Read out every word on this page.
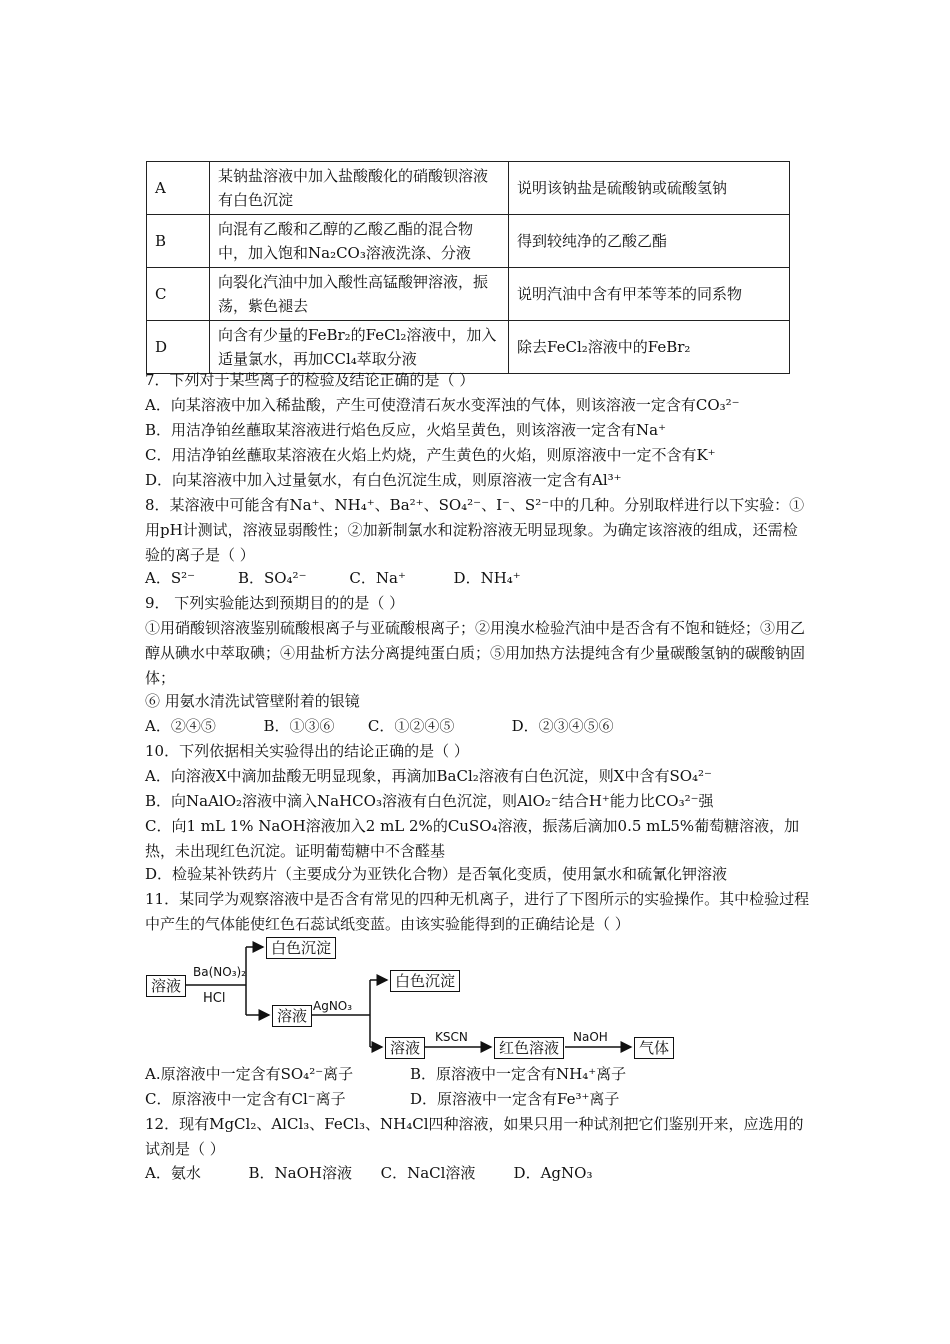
A	某钠盐溶液中加入盐酸酸化的硝酸钡溶液有白色沉淀	说明该钠盐是硫酸钠或硫酸氢钠
B	向混有乙酸和乙醇的乙酸乙酯的混合物中，加入饱和Na₂CO₃溶液洗涤、分液	得到较纯净的乙酸乙酯
C	向裂化汽油中加入酸性高锰酸钾溶液，振荡，紫色褪去	说明汽油中含有甲苯等苯的同系物
D	向含有少量的FeBr₂的FeCl₂溶液中，加入适量氯水，再加CCl₄萃取分液	除去FeCl₂溶液中的FeBr₂
7．下列对于某些离子的检验及结论正确的是（ ）
A．向某溶液中加入稀盐酸，产生可使澄清石灰水变浑浊的气体，则该溶液一定含有CO₃²⁻
B．用洁净铂丝蘸取某溶液进行焰色反应，火焰呈黄色，则该溶液一定含有Na⁺
C．用洁净铂丝蘸取某溶液在火焰上灼烧，产生黄色的火焰，则原溶液中一定不含有K⁺
D．向某溶液中加入过量氨水，有白色沉淀生成，则原溶液一定含有Al³⁺
8．某溶液中可能含有Na⁺、NH₄⁺、Ba²⁺、SO₄²⁻、I⁻、S²⁻中的几种。分别取样进行以下实验：①用pH计测试，溶液显弱酸性；②加新制氯水和淀粉溶液无明显现象。为确定该溶液的组成，还需检验的离子是（ ）
A．S²⁻         B．SO₄²⁻         C．Na⁺          D．NH₄⁺
9． 下列实验能达到预期目的的是（ ）
①用硝酸钡溶液鉴别硫酸根离子与亚硫酸根离子；②用溴水检验汽油中是否含有不饱和链烃；③用乙醇从碘水中萃取碘；④用盐析方法分离提纯蛋白质；⑤用加热方法提纯含有少量碳酸氢钠的碳酸钠固体；
⑥ 用氨水清洗试管壁附着的银镜
A．②④⑤          B．①③⑥       C．①②④⑤            D．②③④⑤⑥
10．下列依据相关实验得出的结论正确的是（ ）
A．向溶液X中滴加盐酸无明显现象，再滴加BaCl₂溶液有白色沉淀，则X中含有SO₄²⁻
B．向NaAlO₂溶液中滴入NaHCO₃溶液有白色沉淀，则AlO₂⁻结合H⁺能力比CO₃²⁻强
C．向1 mL 1% NaOH溶液加入2 mL 2%的CuSO₄溶液，振荡后滴加0.5 mL5%葡萄糖溶液，加热，未出现红色沉淀。证明葡萄糖中不含醛基
D．检验某补铁药片（主要成分为亚铁化合物）是否氧化变质，使用氯水和硫氰化钾溶液
11．某同学为观察溶液中是否含有常见的四种无机离子，进行了下图所示的实验操作。其中检验过程中产生的气体能使红色石蕊试纸变蓝。由该实验能得到的正确结论是（ ）
溶液
Ba(NO₃)₂
HCl
白色沉淀
溶液
AgNO₃
白色沉淀
溶液
KSCN
红色溶液
NaOH
气体
A.原溶液中一定含有SO₄²⁻离子	B．原溶液中一定含有NH₄⁺离子
C．原溶液中一定含有Cl⁻离子	D．原溶液中一定含有Fe³⁺离子
12．现有MgCl₂、AlCl₃、FeCl₃、NH₄Cl四种溶液，如果只用一种试剂把它们鉴别开来，应选用的试剂是（ ）
A．氨水          B．NaOH溶液      C．NaCl溶液        D．AgNO₃
